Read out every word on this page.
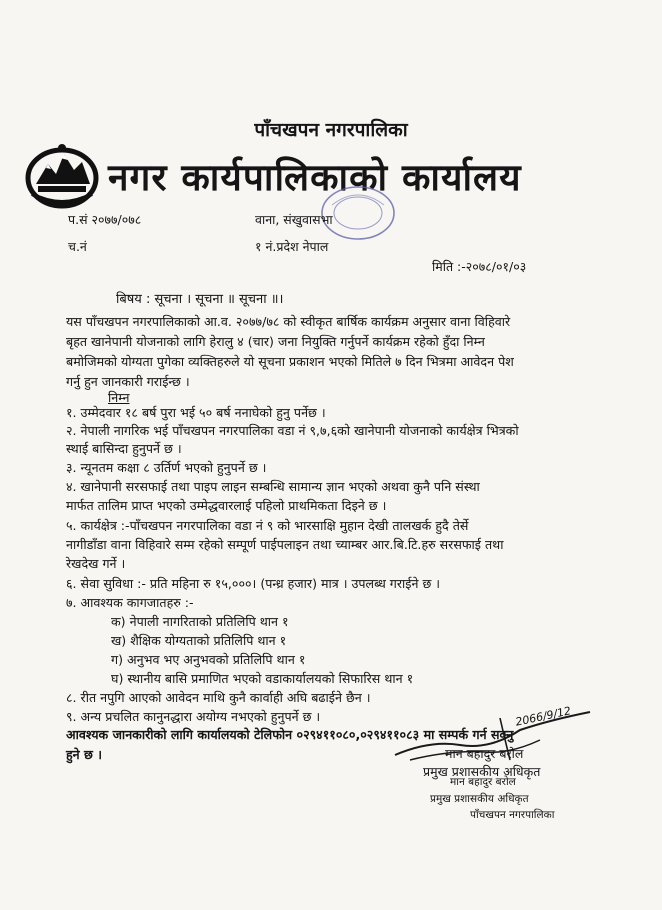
पाँचखपन नगरपालिका
नगर कार्यपालिकाको कार्यालय
प.सं २०७७/०७८
च.नं
वाना, संखुवासभा
१ नं.प्रदेश नेपाल
मिति :-२०७८/०१/०३
बिषय : सूचना । सूचना ॥ सूचना ॥।
यस पाँचखपन नगरपालिकाको आ.व. २०७७/७८ को स्वीकृत बार्षिक कार्यक्रम अनुसार वाना विहिवारे
बृहत खानेपानी योजनाको लागि हेरालु ४ (चार) जना नियुक्ति गर्नुपर्ने कार्यक्रम रहेको हुँदा निम्न
बमोजिमको योग्यता पुगेका व्यक्तिहरुले यो सूचना प्रकाशन भएको मितिले ७ दिन भित्रमा आवेदन पेश
गर्नु हुन जानकारी गराईन्छ ।
निम्न
१. उम्मेदवार १८ बर्ष पुरा भई ५० बर्ष ननाघेको हुनु पर्नेछ ।
२. नेपाली नागरिक भई पाँचखपन नगरपालिका वडा नं ९,७,६को खानेपानी योजनाको कार्यक्षेत्र भित्रको
स्थाई बासिन्दा हुनुपर्ने छ ।
३. न्यूनतम कक्षा ८ उर्तिर्ण भएको हुनुपर्ने छ ।
४. खानेपानी सरसफाई तथा पाइप लाइन सम्बन्धि सामान्य ज्ञान भएको अथवा कुनै पनि संस्था
मार्फत तालिम प्राप्त भएको उम्मेद्धवारलाई पहिलो प्राथमिकता दिइने छ ।
५. कार्यक्षेत्र :-पाँचखपन नगरपालिका वडा नं ९ को भारसाक्षि मुहान देखी तालखर्क हुदै तेर्से
नागीडाँडा वाना विहिवारे सम्म रहेको सम्पूर्ण पाईपलाइन तथा च्याम्बर आर.बि.टि.हरु सरसफाई तथा
रेखदेख गर्ने ।
६. सेवा सुविधा :- प्रति महिना रु १५,०००। (पन्ध्र हजार) मात्र । उपलब्ध गराईने छ ।
७. आवश्यक कागजातहरु :-
क) नेपाली नागरिताको प्रतिलिपि थान १
ख) शैक्षिक योग्यताको प्रतिलिपि थान १
ग) अनुभव भए अनुभवको प्रतिलिपि थान १
घ) स्थानीय बासि प्रमाणित भएको वडाकार्यालयको सिफारिस थान १
८. रीत नपुगि आएको आवेदन माथि कुनै कार्वाही अघि बढाईने छैन ।
९. अन्य प्रचलित कानुनद्धारा अयोग्य नभएको हुनुपर्ने छ ।
आवश्यक जानकारीको लागि कार्यालयको टेलिफोन ०२९४११०८०,०२९४११०८३ मा सम्पर्क गर्न सक्नु
हुने छ ।
2066/9/12
मान बहादुर बरोल
प्रमुख प्रशासकीय अधिकृत
मान बहादुर बरोल
प्रमुख प्रशासकीय अधिकृत
पाँचखपन नगरपालिका
